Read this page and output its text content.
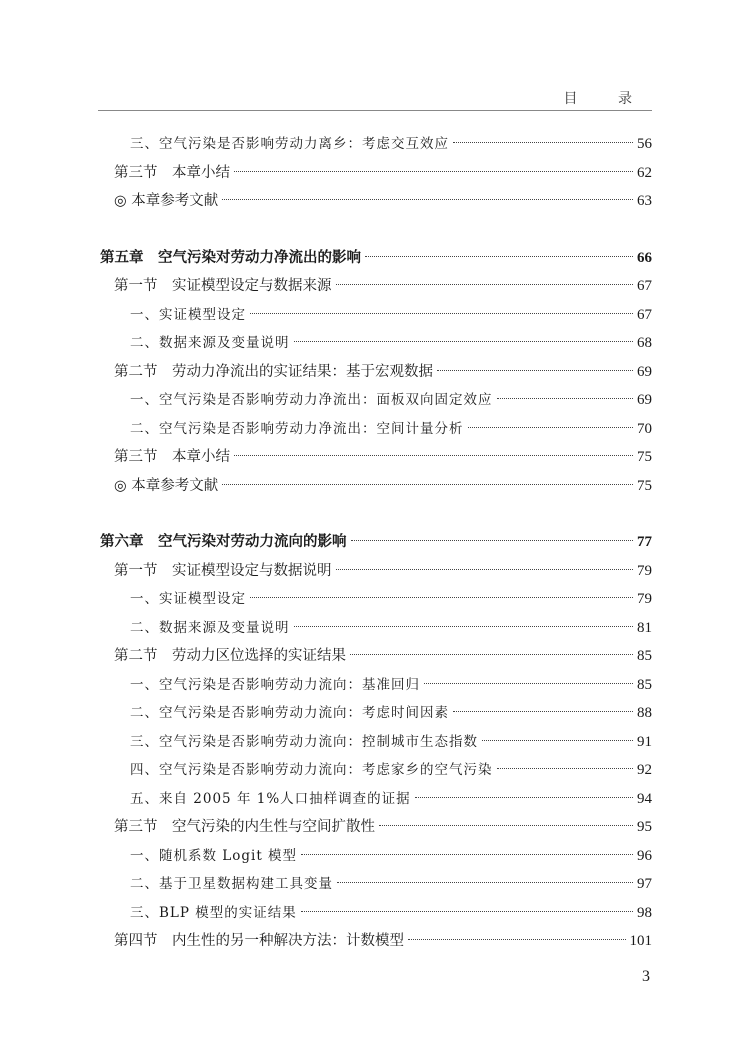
目 录
三、空气污染是否影响劳动力离乡：考虑交互效应	56
第三节　本章小结	62
◎ 本章参考文献	63
第五章　空气污染对劳动力净流出的影响	66
第一节　实证模型设定与数据来源	67
一、实证模型设定	67
二、数据来源及变量说明	68
第二节　劳动力净流出的实证结果：基于宏观数据	69
一、空气污染是否影响劳动力净流出：面板双向固定效应	69
二、空气污染是否影响劳动力净流出：空间计量分析	70
第三节　本章小结	75
◎ 本章参考文献	75
第六章　空气污染对劳动力流向的影响	77
第一节　实证模型设定与数据说明	79
一、实证模型设定	79
二、数据来源及变量说明	81
第二节　劳动力区位选择的实证结果	85
一、空气污染是否影响劳动力流向：基准回归	85
二、空气污染是否影响劳动力流向：考虑时间因素	88
三、空气污染是否影响劳动力流向：控制城市生态指数	91
四、空气污染是否影响劳动力流向：考虑家乡的空气污染	92
五、来自 2005 年 1%人口抽样调查的证据	94
第三节　空气污染的内生性与空间扩散性	95
一、随机系数 Logit 模型	96
二、基于卫星数据构建工具变量	97
三、BLP 模型的实证结果	98
第四节　内生性的另一种解决方法：计数模型	101
3
